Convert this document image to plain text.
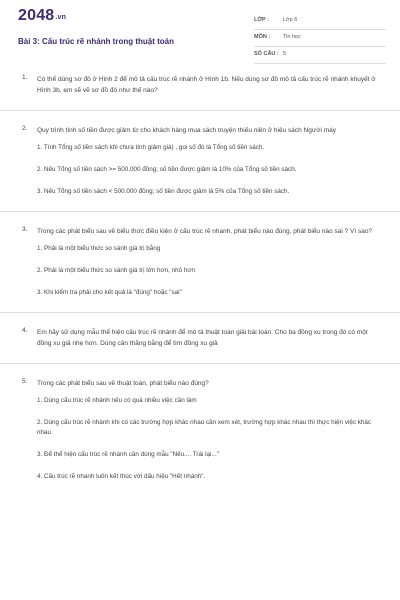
2048.vn
Bài 3: Cấu trúc rẽ nhánh trong thuật toán
LỚP :	Lớp 6
MÔN : Tin học
SỐ CÂU : 5
1. Có thể dùng sơ đồ ở Hình 2 để mô tả cấu trúc rẽ nhánh ở Hình 1b. Nếu dùng sơ đồ mô tả cấu trúc rẽ nhánh khuyết ở Hình 3b, em sẽ vẽ sơ đồ đó như thế nào?
2. Quy trình tính số tiền được giảm từ cho khách hàng mua sách truyện thiếu niên ở hiệu sách Người máy
1. Tính Tổng số tiền sách khi chưa tính giảm giá) , gọi số đó là Tổng số tiền sách.
2. Nếu Tổng số tiền sách >= 500.000 đồng; số tiền được giảm là 10% của Tổng số tiền sách.
3. Nếu Tổng số tiền sách < 500.000 đồng; số tiền được giảm là 5% của Tổng số tiền sách.
3. Trong các phát biểu sau về biểu thức điều kiện ở cấu trúc rẽ nhanh, phát biểu nào đúng, phát biểu nào sai ? Vì sao?
1. Phải là một biểu thức so sánh giá trị bằng
2. Phải là một biểu thức so sánh giá trị lớn hơn, nhỏ hơn
3. Khi kiểm tra phải cho kết quả là "đúng" hoặc "sai"
4. Em hãy sử dụng mẫu thể hiện cấu trúc rẽ nhánh để mô tả thuật toán giải bài toán: Cho ba đồng xu trong đó có một đồng xu giả nhẹ hơn. Dùng cân thăng bằng để tìm đồng xu giả
5. Trong các phát biểu sau về thuật toán, phát biểu nào đúng?
1. Dùng cấu trúc rẽ nhánh nếu có quá nhiều việc cần làm
2. Dùng cấu trúc rẽ nhánh khi có các trường hợp khác nhau cần xem xét, trường hợp khác nhau thì thực hiện việc khác nhau
3. Để thể hiện cấu trúc rẽ nhánh cần dùng mẫu "Nếu.... Trái lại..."
4. Cấu trúc rẽ nhanh luôn kết thúc với dấu hiệu "Hết nhánh".
